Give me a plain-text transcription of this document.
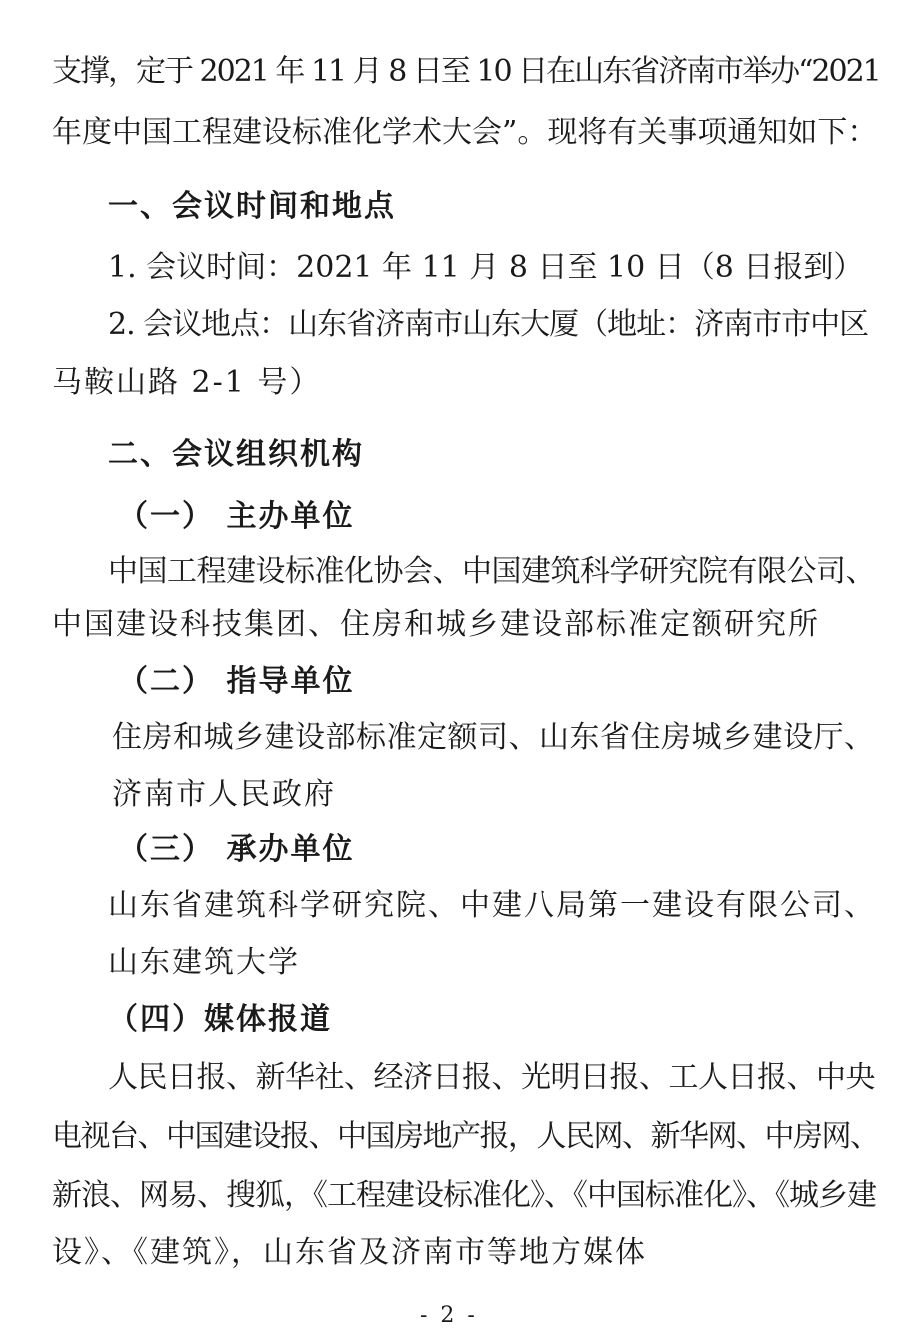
支撑，定于 2021 年 11 月 8 日至 10 日在山东省济南市举办“2021
年度中国工程建设标准化学术大会”。现将有关事项通知如下：
一、会议时间和地点
1. 会议时间：2021 年 11 月 8 日至 10 日（8 日报到）
2. 会议地点：山东省济南市山东大厦（地址：济南市市中区
马鞍山路 2-1 号）
二、会议组织机构
（一） 主办单位
中国工程建设标准化协会、中国建筑科学研究院有限公司、
中国建设科技集团、住房和城乡建设部标准定额研究所
（二） 指导单位
住房和城乡建设部标准定额司、山东省住房城乡建设厅、
济南市人民政府
（三） 承办单位
山东省建筑科学研究院、中建八局第一建设有限公司、
山东建筑大学
（四）媒体报道
人民日报、新华社、经济日报、光明日报、工人日报、中央
电视台、中国建设报、中国房地产报，人民网、新华网、中房网、
新浪、网易、搜狐，《工程建设标准化》、《中国标准化》、《城乡建
设》、《建筑》，山东省及济南市等地方媒体
- 2 -
